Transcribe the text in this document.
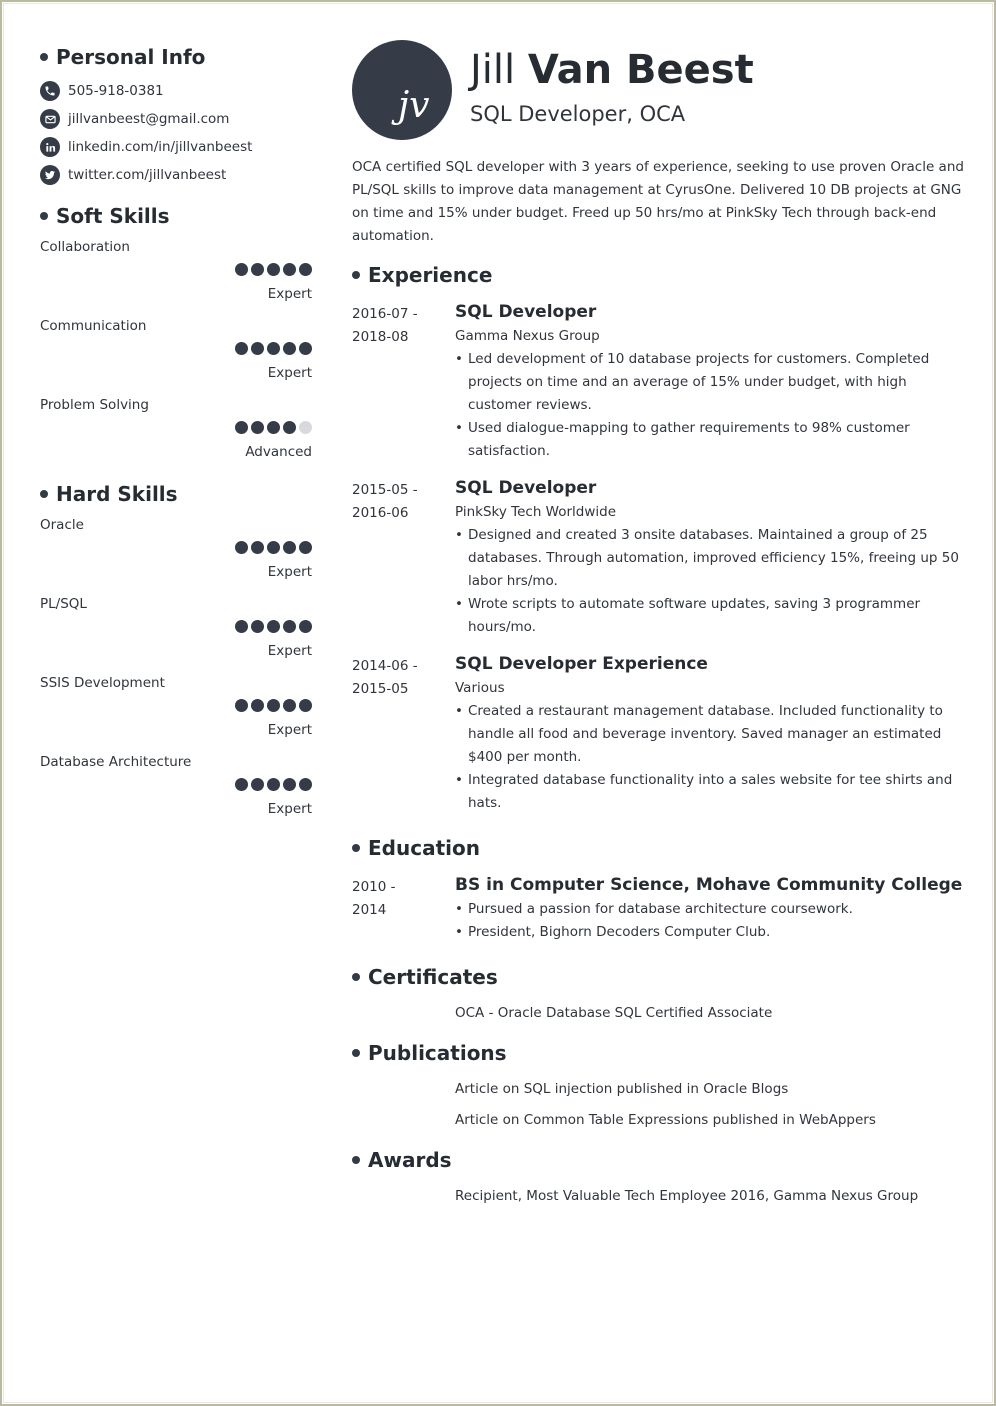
Personal Info
505-918-0381
jillvanbeest@gmail.com
linkedin.com/in/jillvanbeest
twitter.com/jillvanbeest
Soft Skills
Collaboration
Expert
Communication
Expert
Problem Solving
Advanced
Hard Skills
Oracle
Expert
PL/SQL
Expert
SSIS Development
Expert
Database Architecture
Expert
jv
Jill Van Beest
SQL Developer, OCA

OCA certified SQL developer with 3 years of experience, seeking to use proven Oracle and PL/SQL skills to improve data management at CyrusOne. Delivered 10 DB projects at GNG on time and 15% under budget. Freed up 50 hrs/mo at PinkSky Tech through back-end automation.

Experience
2016-07 -
2018-08
SQL Developer
Gamma Nexus Group
• Led development of 10 database projects for customers. Completed projects on time and an average of 15% under budget, with high customer reviews.
• Used dialogue-mapping to gather requirements to 98% customer satisfaction.
2015-05 -
2016-06
SQL Developer
PinkSky Tech Worldwide
• Designed and created 3 onsite databases. Maintained a group of 25 databases. Through automation, improved efficiency 15%, freeing up 50 labor hrs/mo.
• Wrote scripts to automate software updates, saving 3 programmer hours/mo.
2014-06 -
2015-05
SQL Developer Experience
Various
• Created a restaurant management database. Included functionality to handle all food and beverage inventory. Saved manager an estimated $400 per month.
• Integrated database functionality into a sales website for tee shirts and hats.
Education
2010 -
2014
BS in Computer Science, Mohave Community College
• Pursued a passion for database architecture coursework.
• President, Bighorn Decoders Computer Club.
Certificates
OCA - Oracle Database SQL Certified Associate
Publications
Article on SQL injection published in Oracle Blogs
Article on Common Table Expressions published in WebAppers
Awards
Recipient, Most Valuable Tech Employee 2016, Gamma Nexus Group
